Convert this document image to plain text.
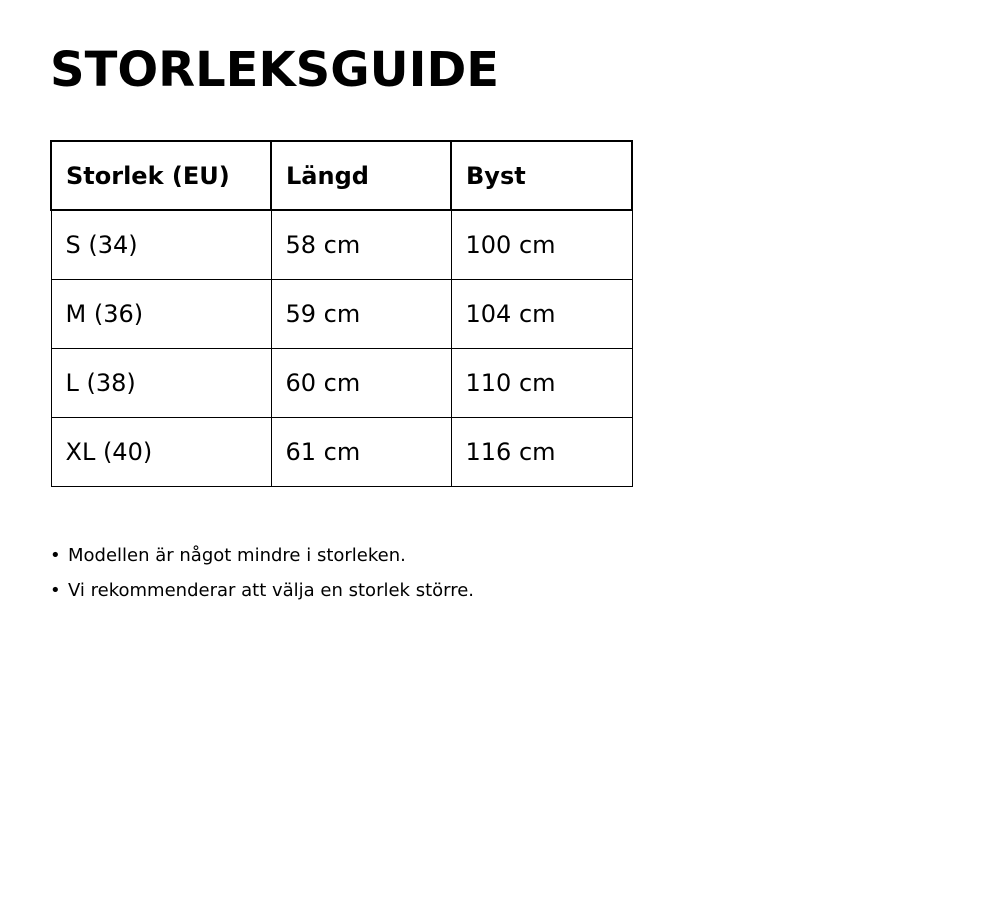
STORLEKSGUIDE
Storlek (EU)	Längd	Byst
S (34)	58 cm	100 cm
M (36)	59 cm	104 cm
L (38)	60 cm	110 cm
XL (40)	61 cm	116 cm
• Modellen är något mindre i storleken.
• Vi rekommenderar att välja en storlek större.
